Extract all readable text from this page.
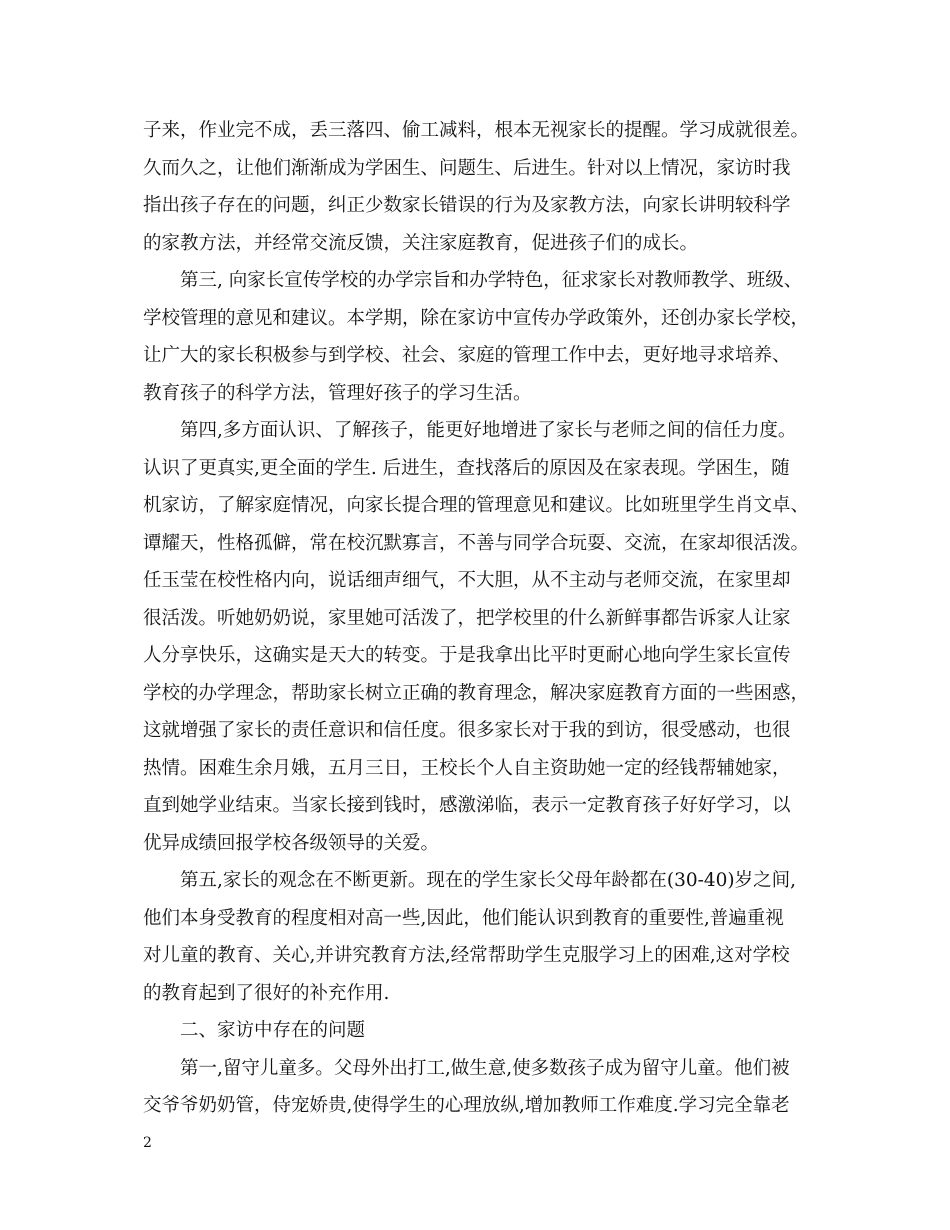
子来，作业完不成，丢三落四、偷工减料，根本无视家长的提醒。学习成就很差。
久而久之，让他们渐渐成为学困生、问题生、后进生。针对以上情况，家访时我
指出孩子存在的问题，纠正少数家长错误的行为及家教方法，向家长讲明较科学
的家教方法，并经常交流反馈，关注家庭教育，促进孩子们的成长。
　　第三, 向家长宣传学校的办学宗旨和办学特色，征求家长对教师教学、班级、
学校管理的意见和建议。本学期，除在家访中宣传办学政策外，还创办家长学校，
让广大的家长积极参与到学校、社会、家庭的管理工作中去，更好地寻求培养、
教育孩子的科学方法，管理好孩子的学习生活。
　　第四,多方面认识、了解孩子，能更好地增进了家长与老师之间的信任力度。
认识了更真实,更全面的学生. 后进生，查找落后的原因及在家表现。学困生，随
机家访，了解家庭情况，向家长提合理的管理意见和建议。比如班里学生肖文卓、
谭耀天，性格孤僻，常在校沉默寡言，不善与同学合玩耍、交流，在家却很活泼。
任玉莹在校性格内向，说话细声细气，不大胆，从不主动与老师交流，在家里却
很活泼。听她奶奶说，家里她可活泼了，把学校里的什么新鲜事都告诉家人让家
人分享快乐，这确实是天大的转变。于是我拿出比平时更耐心地向学生家长宣传
学校的办学理念，帮助家长树立正确的教育理念，解决家庭教育方面的一些困惑，
这就增强了家长的责任意识和信任度。很多家长对于我的到访，很受感动，也很
热情。困难生余月娥，五月三日，王校长个人自主资助她一定的经钱帮辅她家，
直到她学业结束。当家长接到钱时，感激涕临，表示一定教育孩子好好学习，以
优异成绩回报学校各级领导的关爱。
　　第五,家长的观念在不断更新。现在的学生家长父母年龄都在(30-40)岁之间,
他们本身受教育的程度相对高一些,因此，他们能认识到教育的重要性,普遍重视
对儿童的教育、关心,并讲究教育方法,经常帮助学生克服学习上的困难,这对学校
的教育起到了很好的补充作用.
　　二、家访中存在的问题
　　第一,留守儿童多。父母外出打工,做生意,使多数孩子成为留守儿童。他们被
交爷爷奶奶管，侍宠娇贵,使得学生的心理放纵,增加教师工作难度.学习完全靠老
2
